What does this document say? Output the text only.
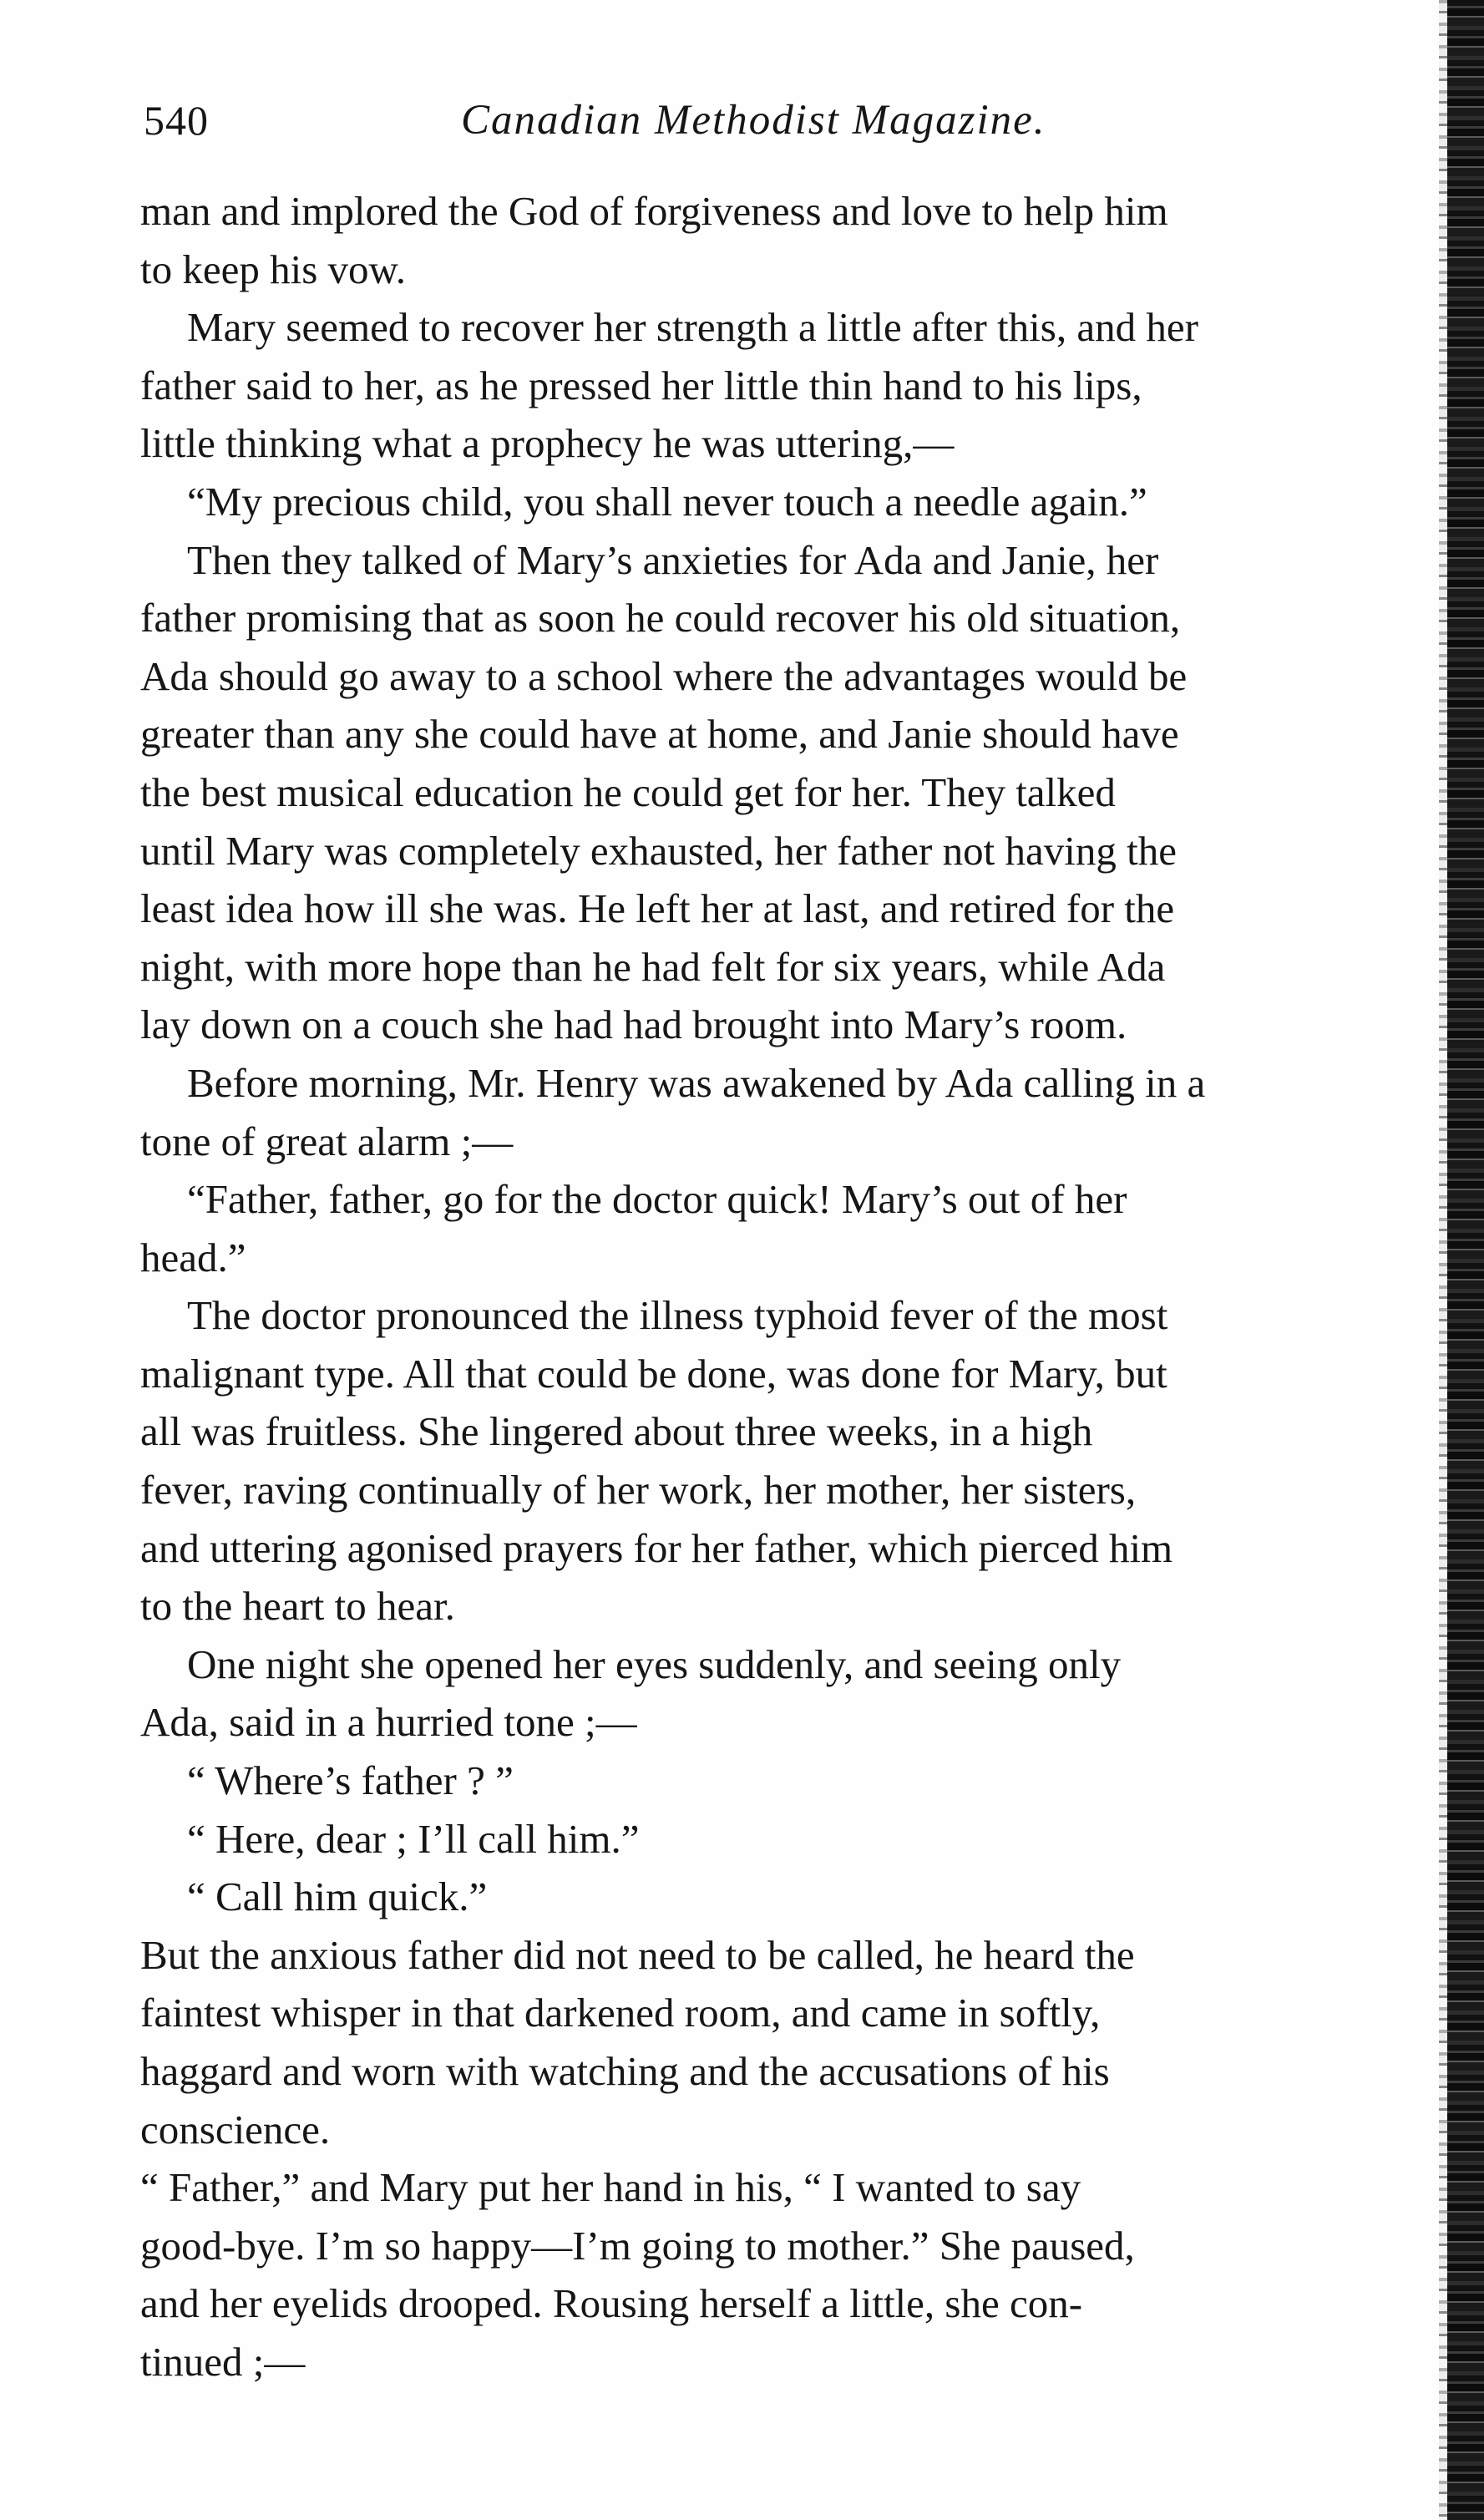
540	Canadian Methodist Magazine.
man and implored the God of forgiveness and love to help him
to keep his vow.
Mary seemed to recover her strength a little after this, and her
father said to her, as he pressed her little thin hand to his lips,
little thinking what a prophecy he was uttering,—
“My precious child, you shall never touch a needle again.”
Then they talked of Mary’s anxieties for Ada and Janie, her
father promising that as soon he could recover his old situation,
Ada should go away to a school where the advantages would be
greater than any she could have at home, and Janie should have
the best musical education he could get for her. They talked
until Mary was completely exhausted, her father not having the
least idea how ill she was. He left her at last, and retired for the
night, with more hope than he had felt for six years, while Ada
lay down on a couch she had had brought into Mary’s room.
Before morning, Mr. Henry was awakened by Ada calling in a
tone of great alarm ;—
“Father, father, go for the doctor quick! Mary’s out of her
head.”
The doctor pronounced the illness typhoid fever of the most
malignant type. All that could be done, was done for Mary, but
all was fruitless. She lingered about three weeks, in a high
fever, raving continually of her work, her mother, her sisters,
and uttering agonised prayers for her father, which pierced him
to the heart to hear.
One night she opened her eyes suddenly, and seeing only
Ada, said in a hurried tone ;—
“ Where’s father ? ”
“ Here, dear ; I’ll call him.”
“ Call him quick.”
But the anxious father did not need to be called, he heard the
faintest whisper in that darkened room, and came in softly,
haggard and worn with watching and the accusations of his
conscience.
“ Father,” and Mary put her hand in his, “ I wanted to say
good-bye. I’m so happy—I’m going to mother.” She paused,
and her eyelids drooped. Rousing herself a little, she con-
tinued ;—
